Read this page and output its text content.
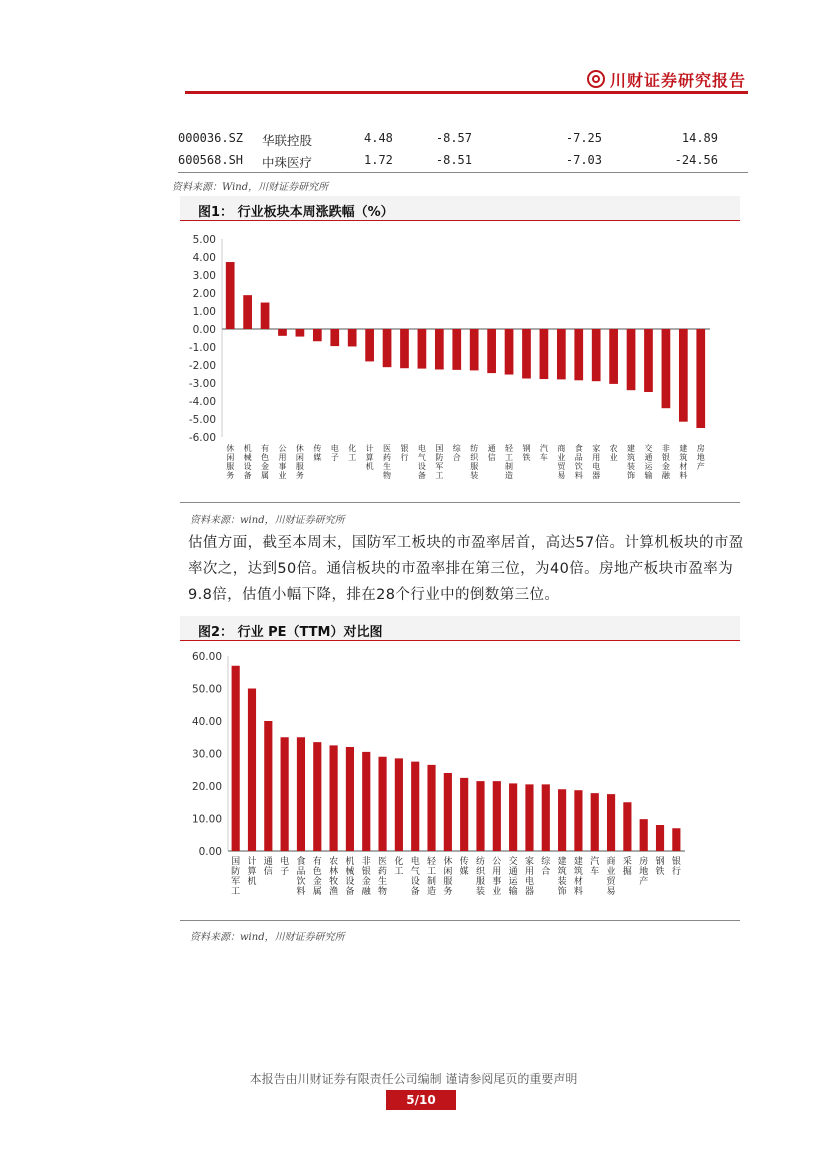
川财证券研究报告
000036.SZ 华联控股	4.48	-8.57	-7.25	14.89
600568.SH 中珠医疗	1.72	-8.51	-7.03	-24.56
资料来源：Wind，川财证券研究所
图1： 行业板块本周涨跌幅（%）
5.00
4.00
3.00
2.00
1.00
0.00
-1.00
-2.00
-3.00
-4.00
-5.00
-6.00
休闲服务
机械设备
有色金属
公用事业
休闲服务
传媒
电子
化工
计算机
医药生物
银行
电气设备
国防军工
综合
纺织服装
通信
轻工制造
钢铁
汽车
商业贸易
食品饮料
家用电器
农业
建筑装饰
交通运输
非银金融
建筑材料
房地产
资料来源：wind，川财证券研究所
估值方面，截至本周末，国防军工板块的市盈率居首，高达57倍。计算机板块的市盈率次之，达到50倍。通信板块的市盈率排在第三位，为40倍。房地产板块市盈率为9.8倍，估值小幅下降，排在28个行业中的倒数第三位。
图2： 行业 PE（TTM）对比图
60.00
50.00
40.00
30.00
20.00
10.00
0.00
国防军工
计算机
通信
电子
食品饮料
有色金属
农林牧渔
机械设备
非银金融
医药生物
化工
电气设备
轻工制造
休闲服务
传媒
纺织服装
公用事业
交通运输
家用电器
综合
建筑装饰
建筑材料
汽车
商业贸易
采掘
房地产
钢铁
银行
资料来源：wind，川财证券研究所
本报告由川财证券有限责任公司编制 谨请参阅尾页的重要声明
5/10
